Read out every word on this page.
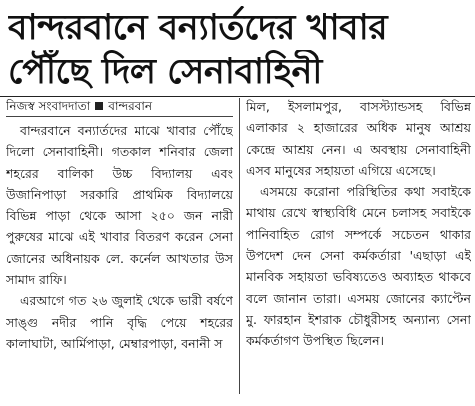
বান্দরবানে বন্যার্তদের খাবার
পৌঁছে দিল সেনাবাহিনী
নিজস্ব সংবাদদাতা বান্দরবান

বান্দরবানে বন্যার্তদের মাঝে খাবার পৌঁছে দিলো সেনাবাহিনী। গতকাল শনিবার জেলা শহরের বালিকা উচ্চ বিদ্যালয় এবং উজানিপাড়া সরকারি প্রাথমিক বিদ্যালয়ে বিভিন্ন পাড়া থেকে আসা ২৫০ জন নারী পুরুষের মাঝে এই খাবার বিতরণ করেন সেনা জোনের অধিনায়ক লে. কর্নেল আখতার উস সামাদ রাফি।

এরআগে গত ২৬ জুলাই থেকে ভারী বর্ষণে সাঙ্গু নদীর পানি বৃদ্ধি পেয়ে শহরের কালাঘাটা, আর্মিপাড়া, মেম্বারপাড়া, বনানী স

মিল, ইসলামপুর, বাসস্ট্যান্ডসহ বিভিন্ন এলাকার ২ হাজারের অধিক মানুষ আশ্রয় কেন্দ্রে আশ্রয় নেন। এ অবস্থায় সেনাবাহিনী এসব মানুষের সহায়তা এগিয়ে এসেছে।

এসময়ে করোনা পরিস্থিতির কথা সবাইকে মাথায় রেখে স্বাস্থ্যবিধি মেনে চলাসহ সবাইকে পানিবাহিত রোগ সম্পর্কে সচেতন থাকার উপদেশ দেন সেনা কর্মকর্তারা 'এছাড়া এই মানবিক সহায়তা ভবিষ্যতেও অব্যাহত থাকবে বলে জানান তারা। এসময় জোনের ক্যাপ্টেন মু. ফারহান ইশরাক চৌধুরীসহ অন্যান্য সেনা কর্মকর্তাগণ উপস্থিত ছিলেন।
